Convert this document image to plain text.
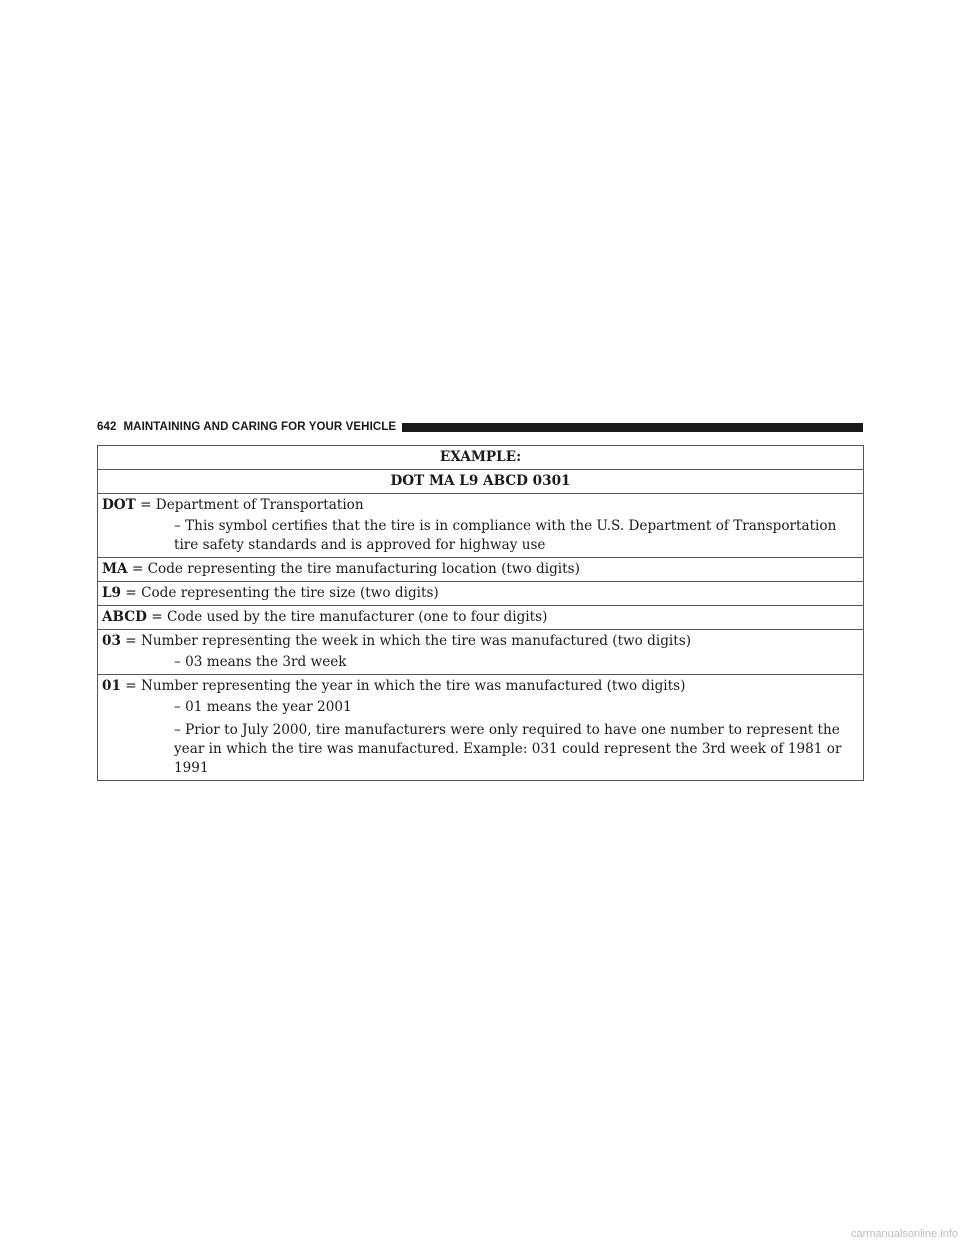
642 MAINTAINING AND CARING FOR YOUR VEHICLE
EXAMPLE:
DOT MA L9 ABCD 0301

DOT = Department of Transportation
– This symbol certifies that the tire is in compliance with the U.S. Department of Transportation tire safety standards and is approved for highway use

MA = Code representing the tire manufacturing location (two digits)

L9 = Code representing the tire size (two digits)

ABCD = Code used by the tire manufacturer (one to four digits)

03 = Number representing the week in which the tire was manufactured (two digits)
– 03 means the 3rd week

01 = Number representing the year in which the tire was manufactured (two digits)
– 01 means the year 2001
– Prior to July 2000, tire manufacturers were only required to have one number to represent the year in which the tire was manufactured. Example: 031 could represent the 3rd week of 1981 or 1991
carmanualsonline.info
